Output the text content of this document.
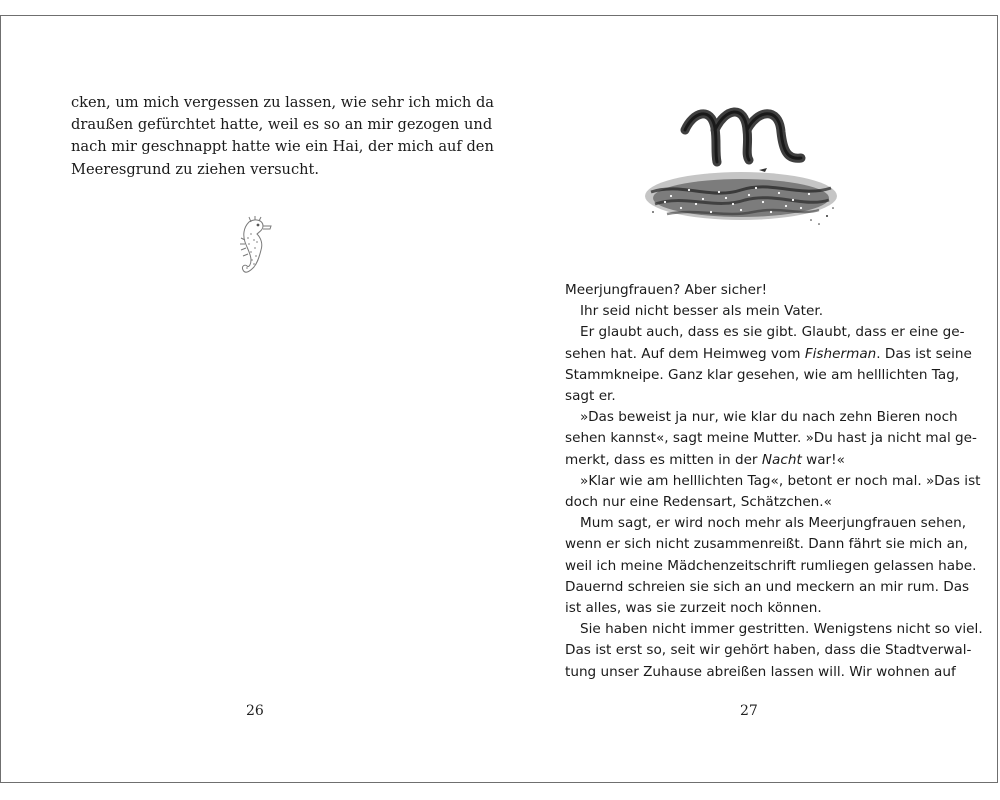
cken, um mich vergessen zu lassen, wie sehr ich mich da
draußen gefürchtet hatte, weil es so an mir gezogen und
nach mir geschnappt hatte wie ein Hai, der mich auf den
Meeresgrund zu ziehen versucht.
Meerjungfrauen? Aber sicher!
Ihr seid nicht besser als mein Vater.
Er glaubt auch, dass es sie gibt. Glaubt, dass er eine ge-
sehen hat. Auf dem Heimweg vom Fisherman. Das ist seine
Stammkneipe. Ganz klar gesehen, wie am helllichten Tag,
sagt er.
»Das beweist ja nur, wie klar du nach zehn Bieren noch
sehen kannst«, sagt meine Mutter. »Du hast ja nicht mal ge-
merkt, dass es mitten in der Nacht war!«
»Klar wie am helllichten Tag«, betont er noch mal. »Das ist
doch nur eine Redensart, Schätzchen.«
Mum sagt, er wird noch mehr als Meerjungfrauen sehen,
wenn er sich nicht zusammenreißt. Dann fährt sie mich an,
weil ich meine Mädchenzeitschrift rumliegen gelassen habe.
Dauernd schreien sie sich an und meckern an mir rum. Das
ist alles, was sie zurzeit noch können.
Sie haben nicht immer gestritten. Wenigstens nicht so viel.
Das ist erst so, seit wir gehört haben, dass die Stadtverwal-
tung unser Zuhause abreißen lassen will. Wir wohnen auf
26	27
